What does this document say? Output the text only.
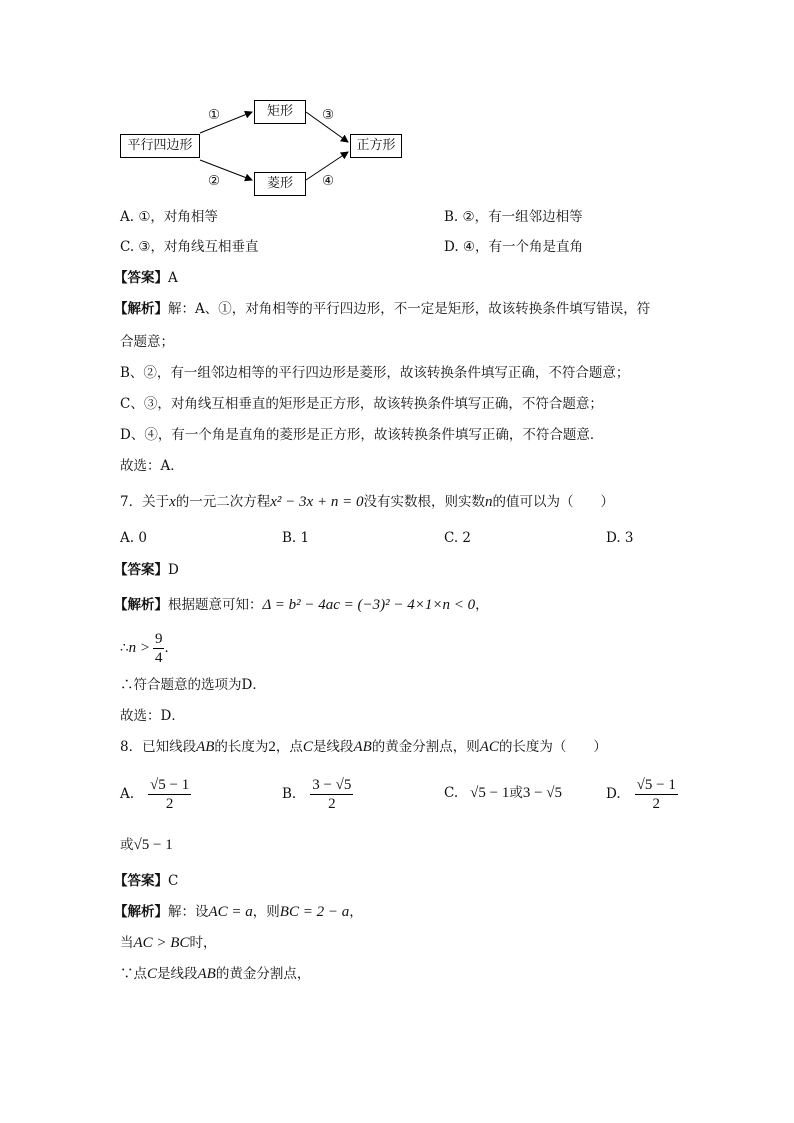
平行四边形
矩形
菱形
正方形
①
②
③
④
A. ①，对角相等	B. ②，有一组邻边相等
C. ③，对角线互相垂直	D. ④，有一个角是直角
【答案】A
【解析】解：A、①，对角相等的平行四边形，不一定是矩形，故该转换条件填写错误，符
合题意；
B、②，有一组邻边相等的平行四边形是菱形，故该转换条件填写正确，不符合题意；
C、③，对角线互相垂直的矩形是正方形，故该转换条件填写正确，不符合题意；
D、④，有一个角是直角的菱形是正方形，故该转换条件填写正确，不符合题意．
故选：A．
7．关于x的一元二次方程x² − 3x + n = 0没有实数根，则实数n的值可以为（　　）
A. 0	B. 1	C. 2	D. 3
【答案】D
【解析】根据题意可知：Δ = b² − 4ac = (−3)² − 4×1×n < 0，
∴ $n > \frac{9}{4}$ ．
∴符合题意的选项为D．
故选：D．
8．已知线段AB的长度为2，点C是线段AB的黄金分割点，则AC的长度为（　　）
A. $\frac{√5 - 1}{2}$	B. $\frac{3 - √5}{2}$	C. √5 − 1或3 − √5	D. $\frac{√5 - 1}{2}$
或√5 − 1
【答案】C
【解析】解：设AC = a，则BC = 2 − a，
当AC > BC时，
∵点C是线段AB的黄金分割点，
